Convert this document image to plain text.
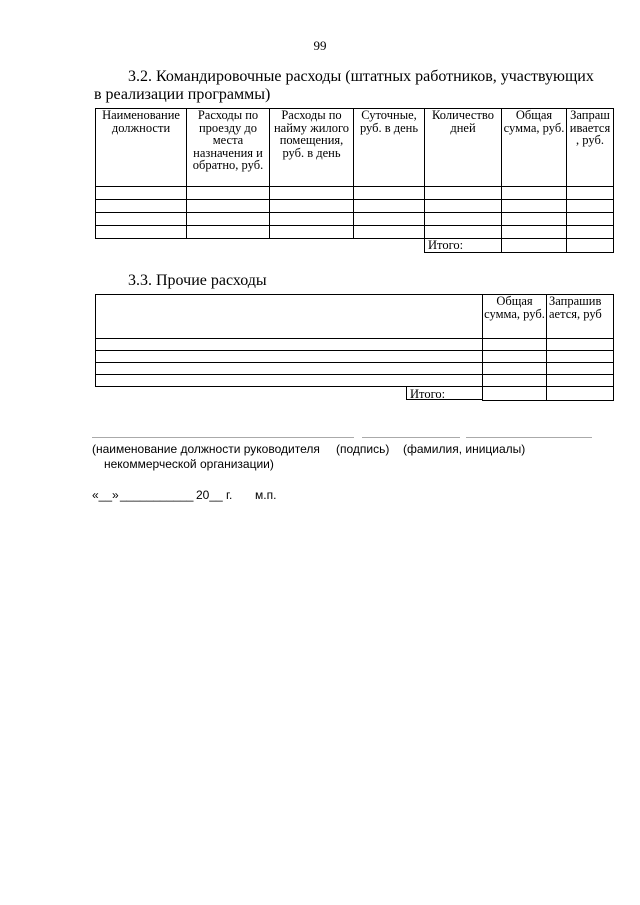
99
3.2. Командировочные расходы (штатных работников, участвующих
в реализации программы)
Наименование должности	Расходы по проезду до места назначения и обратно, руб.	Расходы по найму жилого помещения, руб. в день	Суточные, руб. в день	Количество дней	Общая сумма, руб.	Запраш ивается , руб.

				Итого:		
3.3. Прочие расходы
	Общая сумма, руб.	Запрашив ается, руб

Итого:		

(наименование должности руководителя
некоммерческой организации)
(подпись) (фамилия, инициалы)
«__» ___________ 20__ г. м.п.
